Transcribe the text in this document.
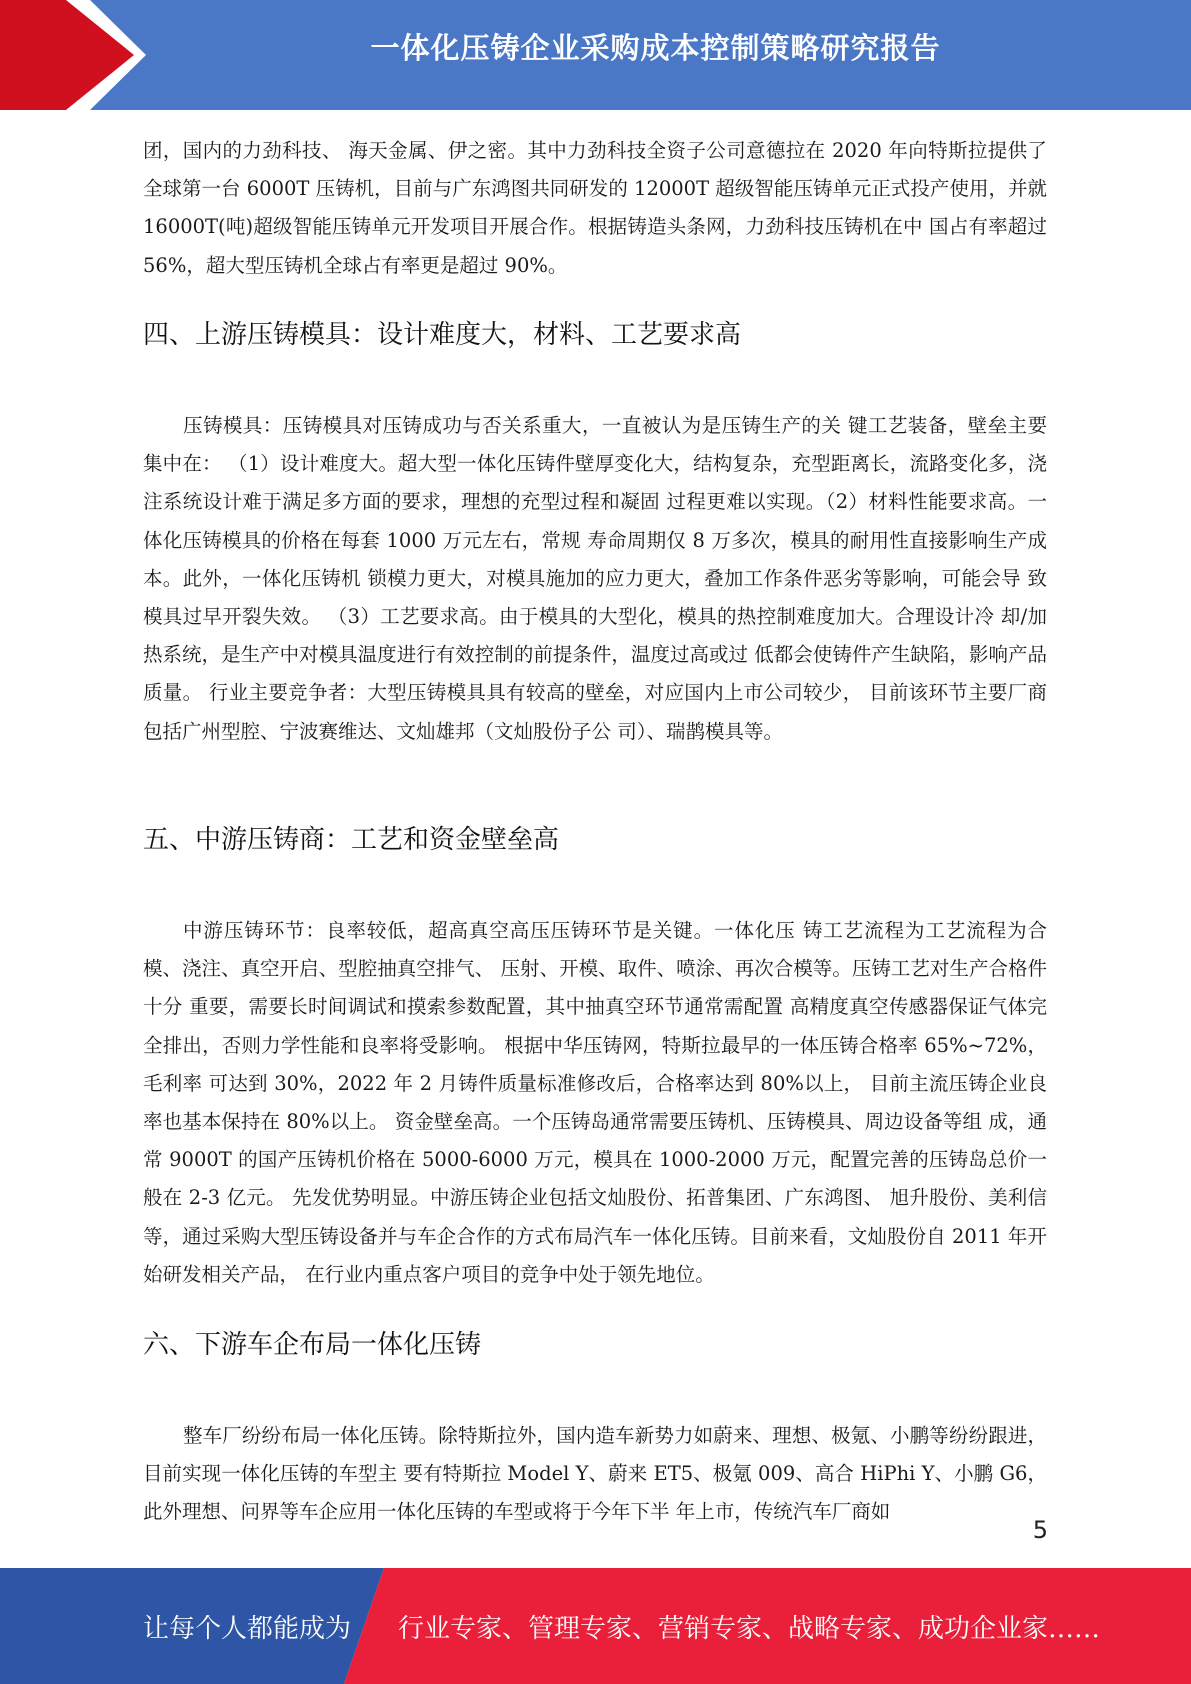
一体化压铸企业采购成本控制策略研究报告

团，国内的力劲科技、 海天金属、伊之密。其中力劲科技全资子公司意德拉在 2020 年向特斯拉提供了全球第一台 6000T 压铸机，目前与广东鸿图共同研发的 12000T 超级智能压铸单元正式投产使用，并就 16000T(吨)超级智能压铸单元开发项目开展合作。根据铸造头条网，力劲科技压铸机在中 国占有率超过 56%，超大型压铸机全球占有率更是超过 90%。

四、上游压铸模具：设计难度大，材料、工艺要求高

压铸模具：压铸模具对压铸成功与否关系重大，一直被认为是压铸生产的关 键工艺装备，壁垒主要集中在： （1）设计难度大。超大型一体化压铸件壁厚变化大，结构复杂，充型距离长，流路变化多，浇注系统设计难于满足多方面的要求，理想的充型过程和凝固 过程更难以实现。（2）材料性能要求高。一体化压铸模具的价格在每套 1000 万元左右，常规 寿命周期仅 8 万多次，模具的耐用性直接影响生产成本。此外，一体化压铸机 锁模力更大，对模具施加的应力更大，叠加工作条件恶劣等影响，可能会导 致模具过早开裂失效。 （3）工艺要求高。由于模具的大型化，模具的热控制难度加大。合理设计冷 却/加热系统，是生产中对模具温度进行有效控制的前提条件，温度过高或过 低都会使铸件产生缺陷，影响产品质量。 行业主要竞争者：大型压铸模具具有较高的壁垒，对应国内上市公司较少， 目前该环节主要厂商包括广州型腔、宁波赛维达、文灿雄邦（文灿股份子公 司）、瑞鹊模具等。

五、中游压铸商：工艺和资金壁垒高

中游压铸环节：良率较低，超高真空高压压铸环节是关键。一体化压 铸工艺流程为工艺流程为合模、浇注、真空开启、型腔抽真空排气、 压射、开模、取件、喷涂、再次合模等。压铸工艺对生产合格件十分 重要，需要长时间调试和摸索参数配置，其中抽真空环节通常需配置 高精度真空传感器保证气体完全排出，否则力学性能和良率将受影响。 根据中华压铸网，特斯拉最早的一体压铸合格率 65%~72%，毛利率 可达到 30%，2022 年 2 月铸件质量标准修改后，合格率达到 80%以上， 目前主流压铸企业良率也基本保持在 80%以上。 资金壁垒高。一个压铸岛通常需要压铸机、压铸模具、周边设备等组 成，通常 9000T 的国产压铸机价格在 5000-6000 万元，模具在 1000-2000 万元，配置完善的压铸岛总价一般在 2-3 亿元。 先发优势明显。中游压铸企业包括文灿股份、拓普集团、广东鸿图、 旭升股份、美利信等，通过采购大型压铸设备并与车企合作的方式布局汽车一体化压铸。目前来看，文灿股份自 2011 年开始研发相关产品， 在行业内重点客户项目的竞争中处于领先地位。

六、下游车企布局一体化压铸

整车厂纷纷布局一体化压铸。除特斯拉外，国内造车新势力如蔚来、理想、极氪、小鹏等纷纷跟进，目前实现一体化压铸的车型主 要有特斯拉 Model Y、蔚来 ET5、极氪 009、高合 HiPhi Y、小鹏 G6，此外理想、问界等车企应用一体化压铸的车型或将于今年下半 年上市，传统汽车厂商如

5
让每个人都能成为 行业专家、管理专家、营销专家、战略专家、成功企业家……
